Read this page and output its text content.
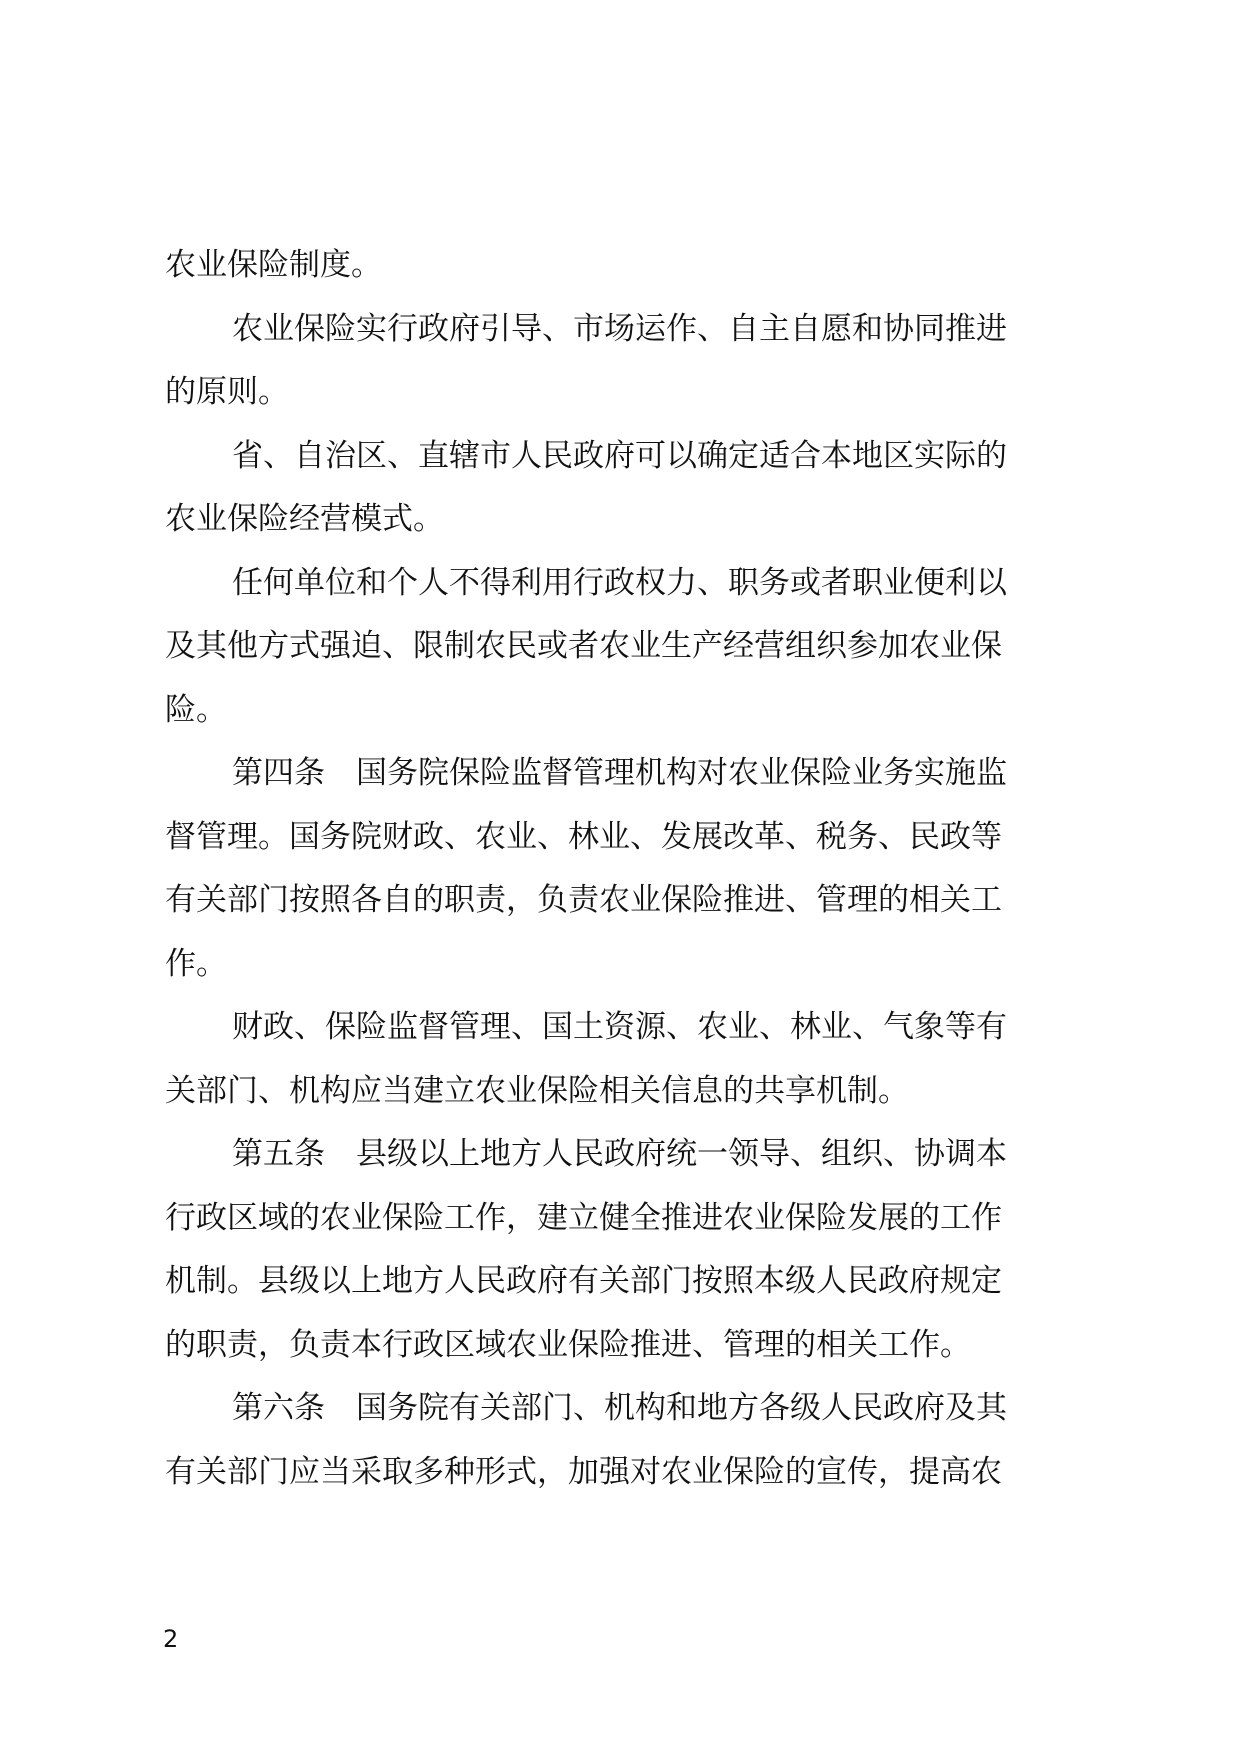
农业保险制度。
农业保险实行政府引导、市场运作、自主自愿和协同推进
的原则。
省、自治区、直辖市人民政府可以确定适合本地区实际的
农业保险经营模式。
任何单位和个人不得利用行政权力、职务或者职业便利以
及其他方式强迫、限制农民或者农业生产经营组织参加农业保
险。
第四条　国务院保险监督管理机构对农业保险业务实施监
督管理。国务院财政、农业、林业、发展改革、税务、民政等
有关部门按照各自的职责，负责农业保险推进、管理的相关工
作。
财政、保险监督管理、国土资源、农业、林业、气象等有
关部门、机构应当建立农业保险相关信息的共享机制。
第五条　县级以上地方人民政府统一领导、组织、协调本
行政区域的农业保险工作，建立健全推进农业保险发展的工作
机制。县级以上地方人民政府有关部门按照本级人民政府规定
的职责，负责本行政区域农业保险推进、管理的相关工作。
第六条　国务院有关部门、机构和地方各级人民政府及其
有关部门应当采取多种形式，加强对农业保险的宣传，提高农
2
